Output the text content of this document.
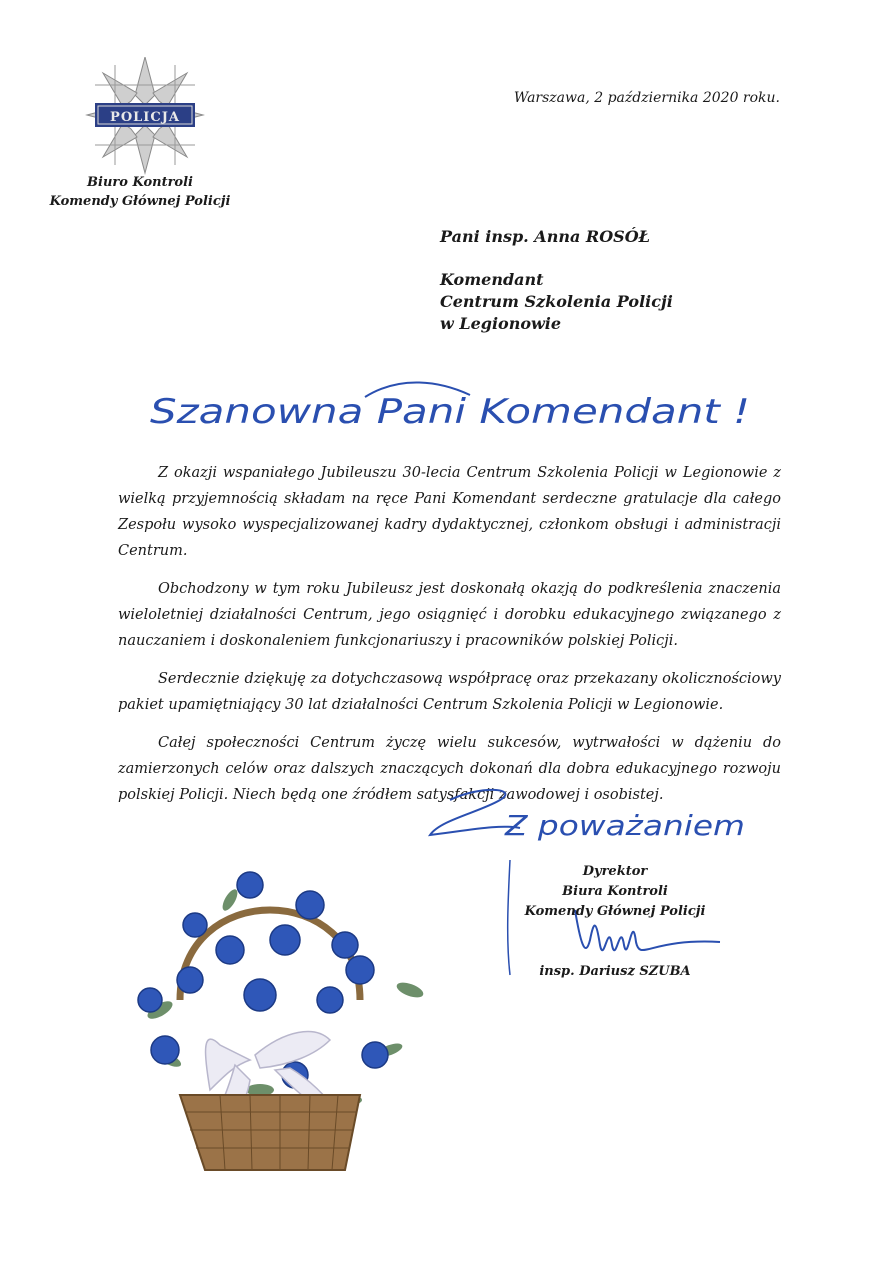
POLICJA
Biuro Kontroli
Komendy Głównej Policji
Warszawa, 2 października 2020 roku.
Pani insp. Anna ROSÓŁ
Komendant
Centrum Szkolenia Policji
w Legionowie
Szanowna Pani Komendant !

Z okazji wspaniałego Jubileuszu 30-lecia Centrum Szkolenia Policji w Legionowie z wielką przyjemnością składam na ręce Pani Komendant serdeczne gratulacje dla całego Zespołu wysoko wyspecjalizowanej kadry dydaktycznej, członkom obsługi i administracji Centrum.

Obchodzony w tym roku Jubileusz jest doskonałą okazją do podkreślenia znaczenia wieloletniej działalności Centrum, jego osiągnięć i dorobku edukacyjnego związanego z nauczaniem i doskonaleniem funkcjonariuszy i pracowników polskiej Policji.

Serdecznie dziękuję za dotychczasową współpracę oraz przekazany okolicznościowy pakiet upamiętniający 30 lat działalności Centrum Szkolenia Policji w Legionowie.

Całej społeczności Centrum życzę wielu sukcesów, wytrwałości w dążeniu do zamierzonych celów oraz dalszych znaczących dokonań dla dobra edukacyjnego rozwoju polskiej Policji. Niech będą one źródłem satysfakcji zawodowej i osobistej.

Z poważaniem
Dyrektor
Biura Kontroli
Komendy Głównej Policji
insp. Dariusz SZUBA
